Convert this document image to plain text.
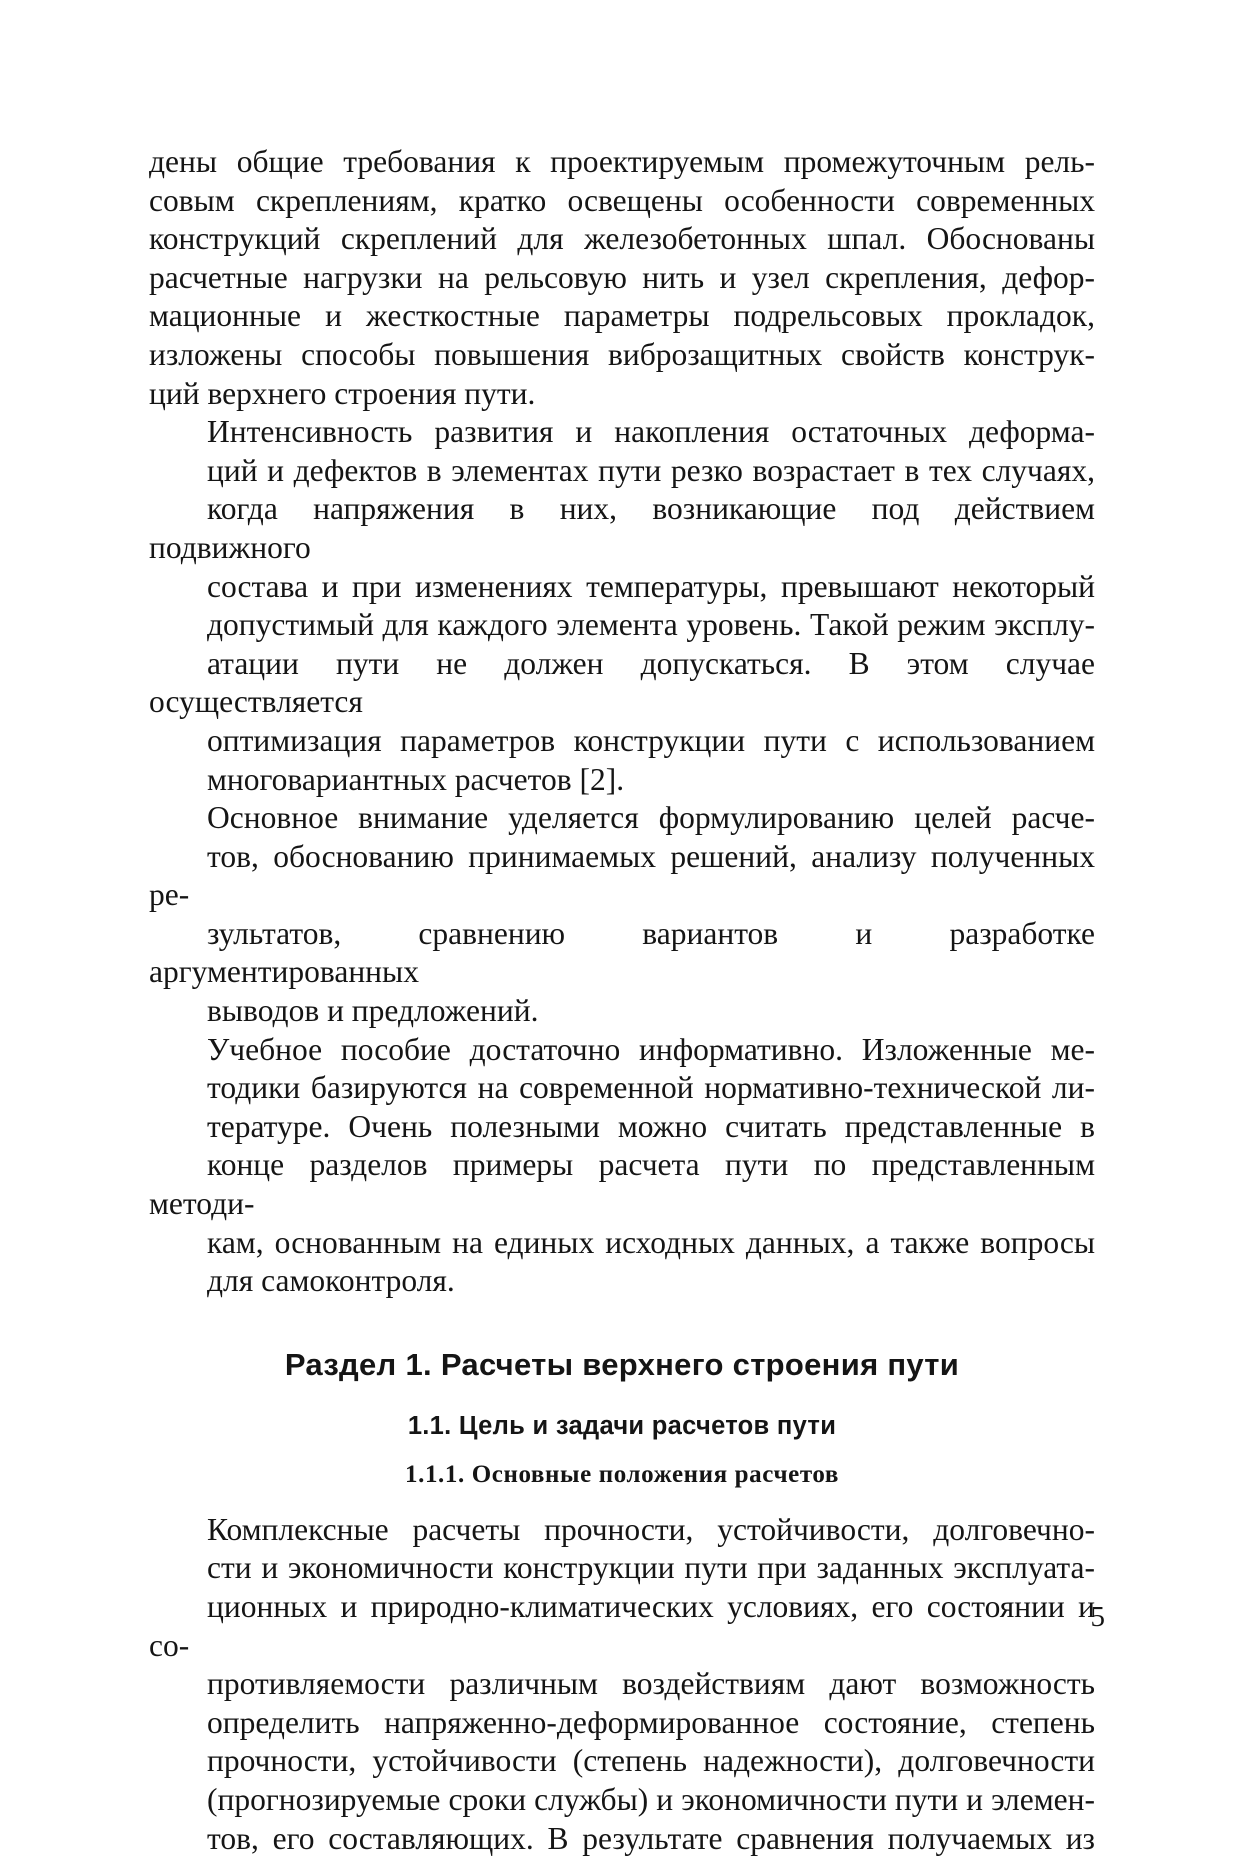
дены общие требования к проектируемым промежуточным рель-
совым скреплениям, кратко освещены особенности современных
конструкций скреплений для железобетонных шпал. Обоснованы
расчетные нагрузки на рельсовую нить и узел скрепления, дефор-
мационные и жесткостные параметры подрельсовых прокладок,
изложены способы повышения виброзащитных свойств конструк-
ций верхнего строения пути.

Интенсивность развития и накопления остаточных деформа-
ций и дефектов в элементах пути резко возрастает в тех случаях,
когда напряжения в них, возникающие под действием подвижного
состава и при изменениях температуры, превышают некоторый
допустимый для каждого элемента уровень. Такой режим эксплу-
атации пути не должен допускаться. В этом случае осуществляется
оптимизация параметров конструкции пути с использованием
многовариантных расчетов [2].

Основное внимание уделяется формулированию целей расче-
тов, обоснованию принимаемых решений, анализу полученных ре-
зультатов, сравнению вариантов и разработке аргументированных
выводов и предложений.

Учебное пособие достаточно информативно. Изложенные ме-
тодики базируются на современной нормативно-технической ли-
тературе. Очень полезными можно считать представленные в
конце разделов примеры расчета пути по представленным методи-
кам, основанным на единых исходных данных, а также вопросы
для самоконтроля.

Раздел 1. Расчеты верхнего строения пути
1.1. Цель и задачи расчетов пути
1.1.1. Основные положения расчетов

Комплексные расчеты прочности, устойчивости, долговечно-
сти и экономичности конструкции пути при заданных эксплуата-
ционных и природно-климатических условиях, его состоянии и со-
противляемости различным воздействиям дают возможность
определить напряженно-деформированное состояние, степень
прочности, устойчивости (степень надежности), долговечности
(прогнозируемые сроки службы) и экономичности пути и элемен-
тов, его составляющих. В результате сравнения получаемых из

5
